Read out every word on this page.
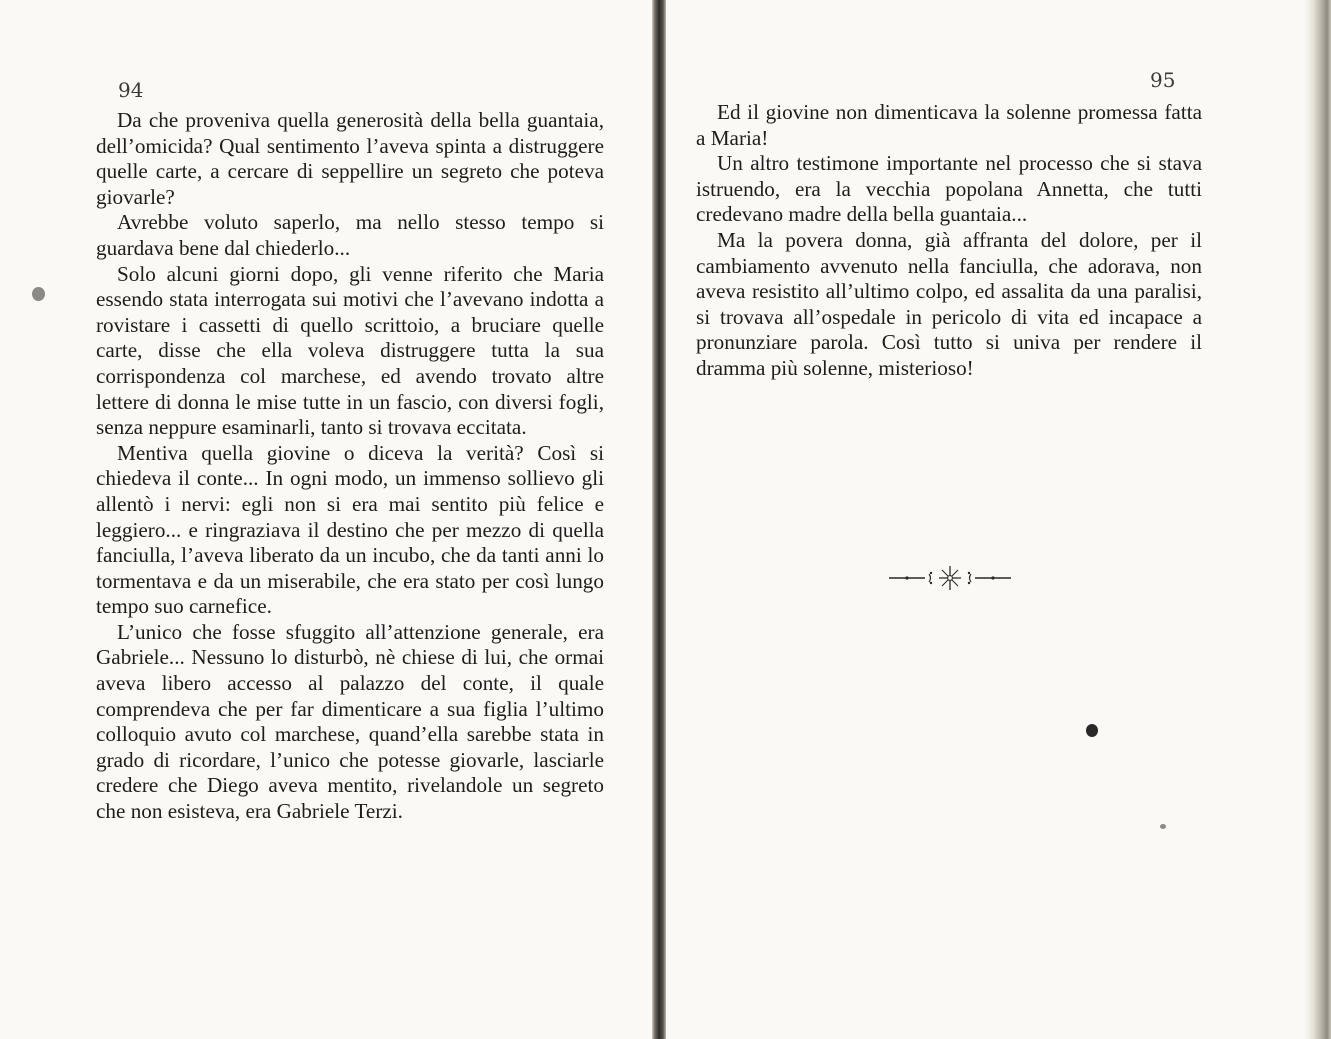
94

Da che proveniva quella generosità della bella guantaia, dell’omicida? Qual sentimento l’aveva spinta a distruggere quelle carte, a cercare di seppellire un segreto che poteva giovarle?

Avrebbe voluto saperlo, ma nello stesso tempo si guardava bene dal chiederlo...

Solo alcuni giorni dopo, gli venne riferito che Maria essendo stata interrogata sui motivi che l’avevano indotta a rovistare i cassetti di quello scrittoio, a bruciare quelle carte, disse che ella voleva distruggere tutta la sua corrispondenza col marchese, ed avendo trovato altre lettere di donna le mise tutte in un fascio, con diversi fogli, senza neppure esaminarli, tanto si trovava eccitata.

Mentiva quella giovine o diceva la verità? Così si chiedeva il conte... In ogni modo, un immenso sollievo gli allentò i nervi: egli non si era mai sentito più felice e leggiero... e ringraziava il destino che per mezzo di quella fanciulla, l’aveva liberato da un incubo, che da tanti anni lo tormentava e da un miserabile, che era stato per così lungo tempo suo carnefice.

L’unico che fosse sfuggito all’attenzione generale, era Gabriele... Nessuno lo disturbò, nè chiese di lui, che ormai aveva libero accesso al palazzo del conte, il quale comprendeva che per far dimenticare a sua figlia l’ultimo colloquio avuto col marchese, quand’ella sarebbe stata in grado di ricordare, l’unico che potesse giovarle, lasciarle credere che Diego aveva mentito, rivelandole un segreto che non esisteva, era Gabriele Terzi.

95

Ed il giovine non dimenticava la solenne promessa fatta a Maria!

Un altro testimone importante nel processo che si stava istruendo, era la vecchia popolana Annetta, che tutti credevano madre della bella guantaia...

Ma la povera donna, già affranta del dolore, per il cambiamento avvenuto nella fanciulla, che adorava, non aveva resistito all’ultimo colpo, ed assalita da una paralisi, si trovava all’ospedale in pericolo di vita ed incapace a pronunziare parola. Così tutto si univa per rendere il dramma più solenne, misterioso!
